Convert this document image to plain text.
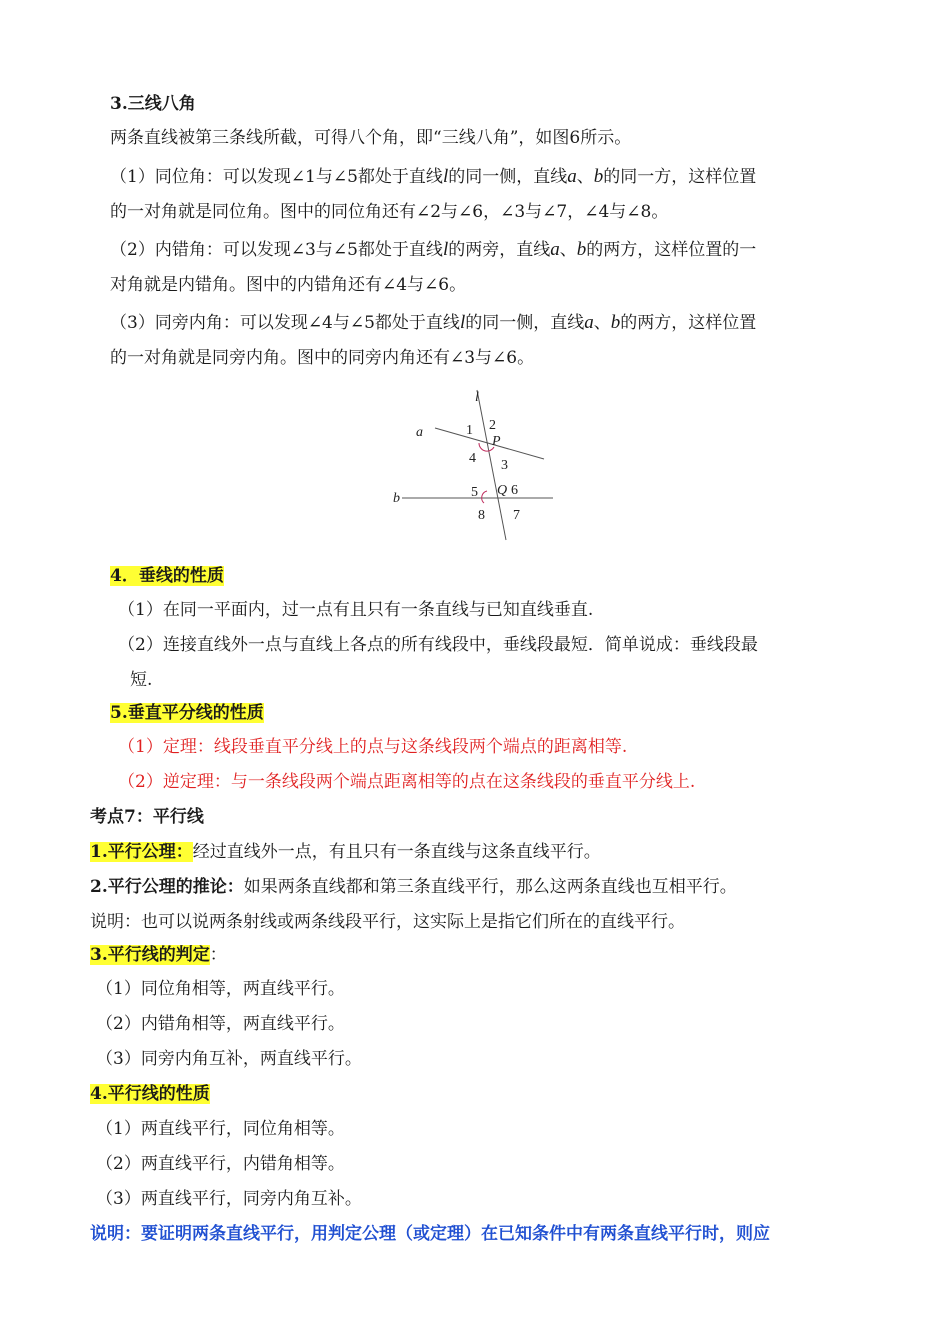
3.三线八角
两条直线被第三条线所截，可得八个角，即“三线八角”，如图6所示。
（1）同位角：可以发现∠1与∠5都处于直线l的同一侧，直线a、b的同一方，这样位置
的一对角就是同位角。图中的同位角还有∠2与∠6，∠3与∠7，∠4与∠8。
（2）内错角：可以发现∠3与∠5都处于直线l的两旁，直线a、b的两方，这样位置的一
对角就是内错角。图中的内错角还有∠4与∠6。
（3）同旁内角：可以发现∠4与∠5都处于直线l的同一侧，直线a、b的两方，这样位置
的一对角就是同旁内角。图中的同旁内角还有∠3与∠6。
l
a
b
P
Q
1 2
3
4
5 6
7
8
4．垂线的性质
（1）在同一平面内，过一点有且只有一条直线与已知直线垂直.
（2）连接直线外一点与直线上各点的所有线段中，垂线段最短．简单说成：垂线段最
短.
5.垂直平分线的性质
（1）定理：线段垂直平分线上的点与这条线段两个端点的距离相等.
（2）逆定理：与一条线段两个端点距离相等的点在这条线段的垂直平分线上.
考点7：平行线
1.平行公理：经过直线外一点，有且只有一条直线与这条直线平行。
2.平行公理的推论：如果两条直线都和第三条直线平行，那么这两条直线也互相平行。
说明：也可以说两条射线或两条线段平行，这实际上是指它们所在的直线平行。
3.平行线的判定：
（1）同位角相等，两直线平行。
（2）内错角相等，两直线平行。
（3）同旁内角互补，两直线平行。
4.平行线的性质
（1）两直线平行，同位角相等。
（2）两直线平行，内错角相等。
（3）两直线平行，同旁内角互补。
说明：要证明两条直线平行，用判定公理（或定理）在已知条件中有两条直线平行时，则应
